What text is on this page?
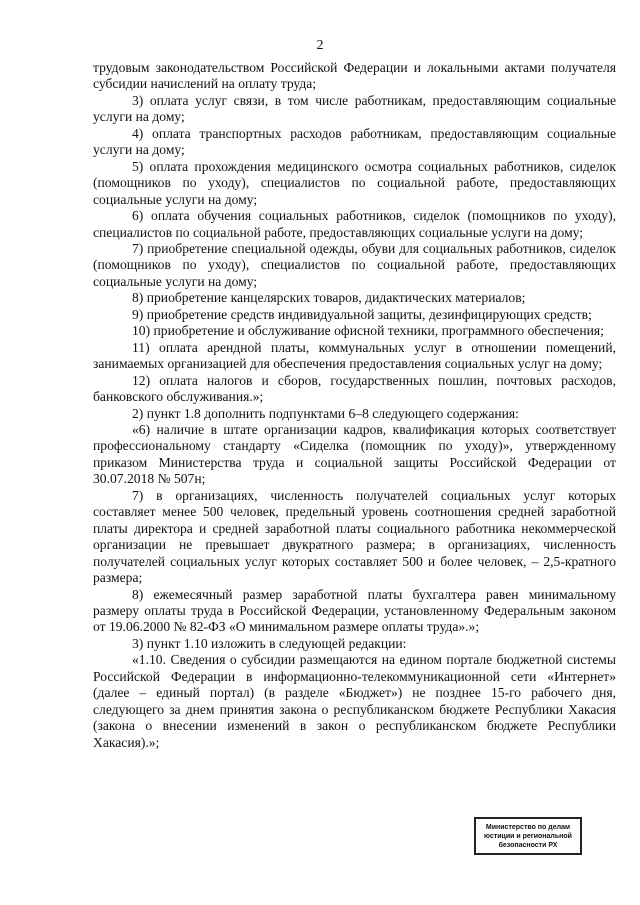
2

трудовым законодательством Российской Федерации и локальными актами получателя субсидии начислений на оплату труда;

3) оплата услуг связи, в том числе работникам, предоставляющим социальные услуги на дому;

4) оплата транспортных расходов работникам, предоставляющим социальные услуги на дому;

5) оплата прохождения медицинского осмотра социальных работников, сиделок (помощников по уходу), специалистов по социальной работе, предоставляющих социальные услуги на дому;

6) оплата обучения социальных работников, сиделок (помощников по уходу), специалистов по социальной работе, предоставляющих социальные услуги на дому;

7) приобретение специальной одежды, обуви для социальных работников, сиделок (помощников по уходу), специалистов по социальной работе, предоставляющих социальные услуги на дому;

8) приобретение канцелярских товаров, дидактических материалов;

9) приобретение средств индивидуальной защиты, дезинфицирующих средств;

10) приобретение и обслуживание офисной техники, программного обеспечения;

11) оплата арендной платы, коммунальных услуг в отношении помещений, занимаемых организацией для обеспечения предоставления социальных услуг на дому;

12) оплата налогов и сборов, государственных пошлин, почтовых расходов, банковского обслуживания.»;

2) пункт 1.8 дополнить подпунктами 6–8 следующего содержания:

«6) наличие в штате организации кадров, квалификация которых соответствует профессиональному стандарту «Сиделка (помощник по уходу)», утвержденному приказом Министерства труда и социальной защиты Российской Федерации от 30.07.2018 № 507н;

7) в организациях, численность получателей социальных услуг которых составляет менее 500 человек, предельный уровень соотношения средней заработной платы директора и средней заработной платы социального работника некоммерческой организации не превышает двукратного размера; в организациях, численность получателей социальных услуг которых составляет 500 и более человек, – 2,5-кратного размера;

8) ежемесячный размер заработной платы бухгалтера равен минимальному размеру оплаты труда в Российской Федерации, установленному Федеральным законом от 19.06.2000 № 82-ФЗ «О минимальном размере оплаты труда».»;

3) пункт 1.10 изложить в следующей редакции:

«1.10. Сведения о субсидии размещаются на едином портале бюджетной системы Российской Федерации в информационно-телекоммуникационной сети «Интернет» (далее – единый портал) (в разделе «Бюджет») не позднее 15-го рабочего дня, следующего за днем принятия закона о республиканском бюджете Республики Хакасия (закона о внесении изменений в закон о республиканском бюджете Республики Хакасия).»;

Министерство по делам
юстиции и региональной
безопасности РХ
